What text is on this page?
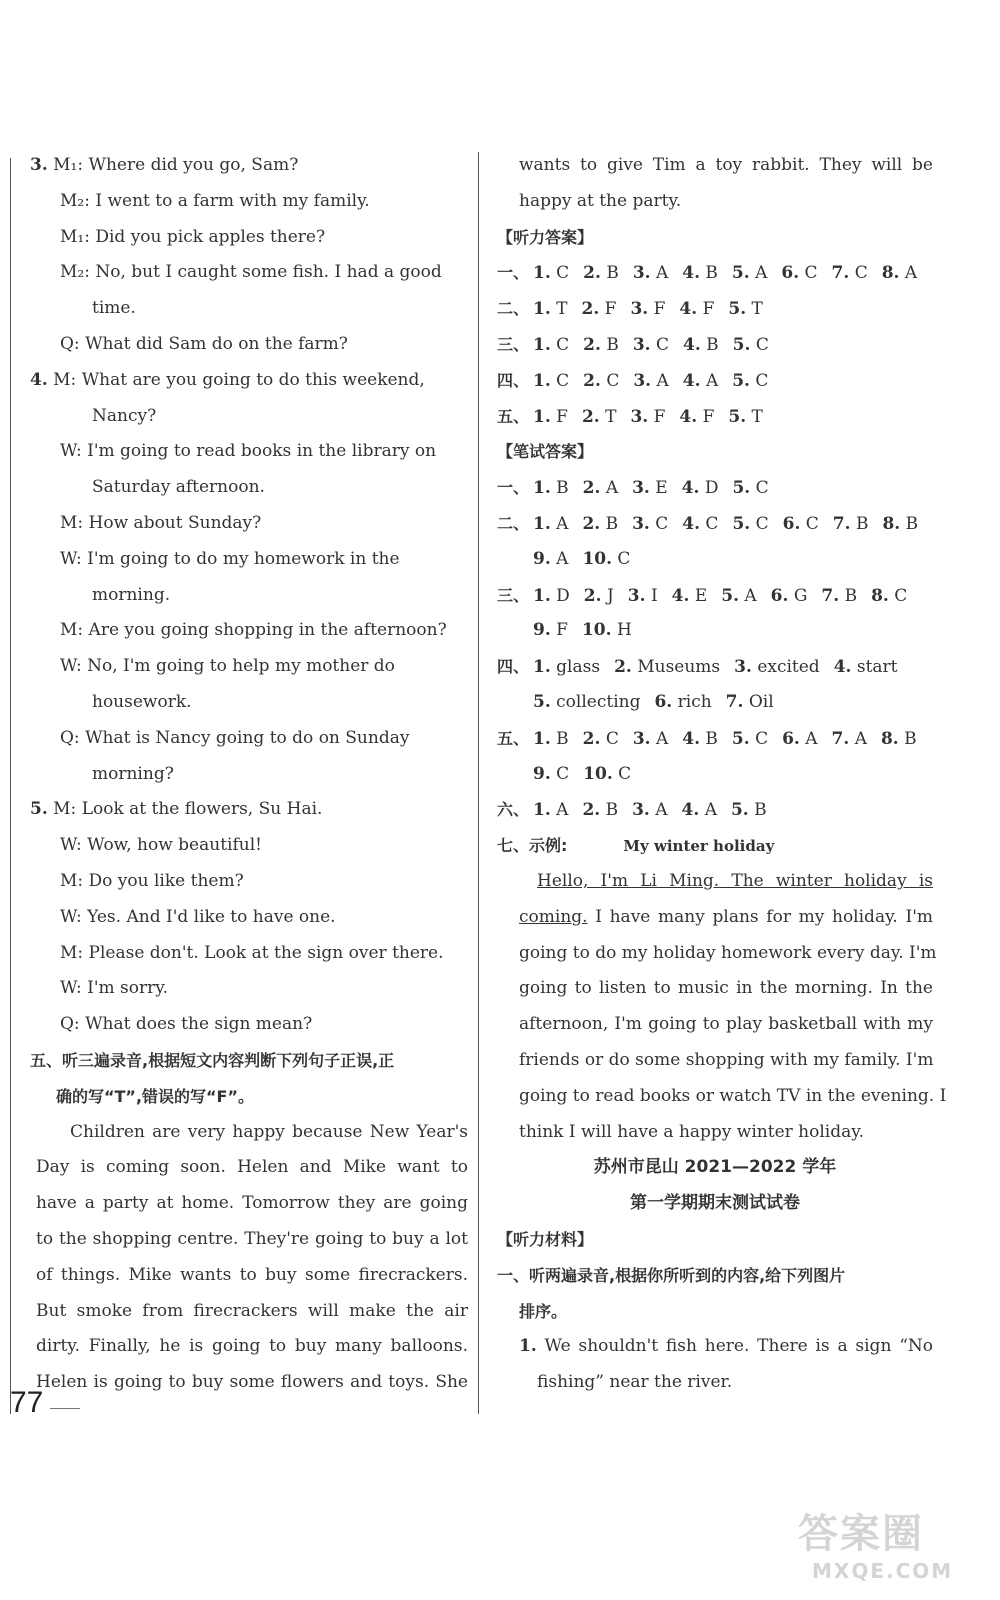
3. M₁: Where did you go, Sam?
M₂: I went to a farm with my family.
M₁: Did you pick apples there?
M₂: No, but I caught some fish. I had a good
time.
Q: What did Sam do on the farm?
4. M: What are you going to do this weekend,
Nancy?
W: I'm going to read books in the library on
Saturday afternoon.
M: How about Sunday?
W: I'm going to do my homework in the
morning.
M: Are you going shopping in the afternoon?
W: No, I'm going to help my mother do
housework.
Q: What is Nancy going to do on Sunday
morning?
5. M: Look at the flowers, Su Hai.
W: Wow, how beautiful!
M: Do you like them?
W: Yes. And I'd like to have one.
M: Please don't. Look at the sign over there.
W: I'm sorry.
Q: What does the sign mean?
五、听三遍录音,根据短文内容判断下列句子正误,正
确的写“T”,错误的写“F”。
Children are very happy because New Year's
Day is coming soon. Helen and Mike want to
have a party at home. Tomorrow they are going
to the shopping centre. They're going to buy a lot
of things. Mike wants to buy some firecrackers.
But smoke from firecrackers will make the air
dirty. Finally, he is going to buy many balloons.
Helen is going to buy some flowers and toys. She
wants to give Tim a toy rabbit. They will be
happy at the party.
【听力答案】
一、 1. C 2. B 3. A 4. B 5. A 6. C 7. C 8. A
二、 1. T 2. F 3. F 4. F 5. T
三、 1. C 2. B 3. C 4. B 5. C
四、 1. C 2. C 3. A 4. A 5. C
五、 1. F 2. T 3. F 4. F 5. T
【笔试答案】
一、 1. B 2. A 3. E 4. D 5. C
二、 1. A 2. B 3. C 4. C 5. C 6. C 7. B 8. B
9. A 10. C
三、 1. D 2. J 3. I 4. E 5. A 6. G 7. B 8. C
9. F 10. H
四、 1. glass 2. Museums 3. excited 4. start
5. collecting 6. rich 7. Oil
五、 1. B 2. C 3. A 4. B 5. C 6. A 7. A 8. B
9. C 10. C
六、 1. A 2. B 3. A 4. A 5. B
七、示例:	My winter holiday
Hello, I'm Li Ming. The winter holiday is
coming. I have many plans for my holiday. I'm
going to do my holiday homework every day. I'm
going to listen to music in the morning. In the
afternoon, I'm going to play basketball with my
friends or do some shopping with my family. I'm
going to read books or watch TV in the evening. I
think I will have a happy winter holiday.
苏州市昆山 2021—2022 学年
第一学期期末测试试卷
【听力材料】
一、听两遍录音,根据你所听到的内容,给下列图片
排序。
1. We shouldn't fish here. There is a sign “No
fishing” near the river.
77
答案圈
MXQE.COM
